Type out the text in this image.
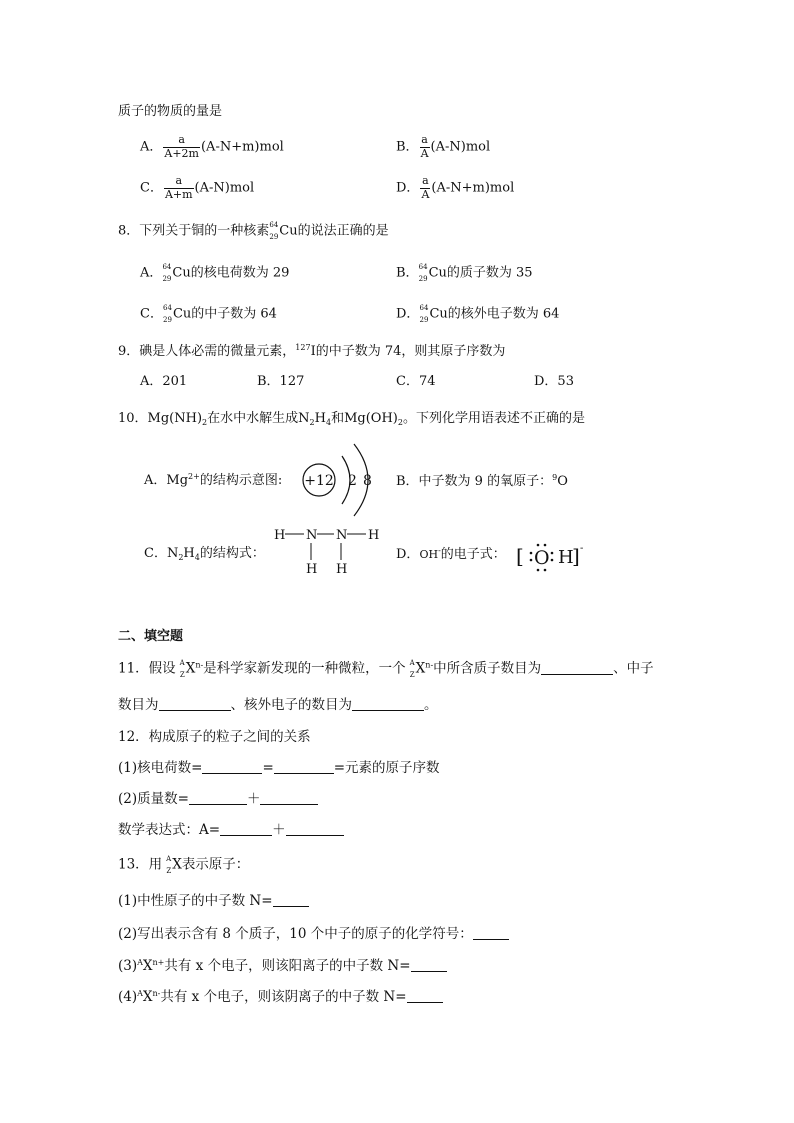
质子的物质的量是
A． $\frac{a}{A+2m} (A-N+m)mol$	B． $\frac{a}{A} (A-N)mol$
C． $\frac{a}{A+m} (A-N)mol$	D． $\frac{a}{A} (A-N+m)mol$
8．下列关于铜的一种核素 64
29 Cu的说法正确的是
A． 64
29 Cu的核电荷数为 29	B． 64
29 Cu的质子数为 35
C． 64
29 Cu的中子数为 64	D． 64
29 Cu的核外电子数为 64
9．碘是人体必需的微量元素，$^{127}$I的中子数为 74，则其原子序数为
A．201	B．127	C．74	D．53
10．$Mg(NH)_2$在水中水解生成$N_2H_4$和$Mg(OH)_2$。下列化学用语表述不正确的是
A．$Mg^{2+}$的结构示意图: +12 2 8 B．中子数为 9 的氧原子：$^9$O
C．$N_2H_4$的结构式：
H N N H
H H
D．OH-的电子式： [ O H
] -
二、填空题
11．假设 A
Z $X^{n-}$是科学家新发现的一种微粒，一个 A
Z $X^{n-}$中所含质子数目为	、中子
数目为	、核外电子的数目为	。
12．构成原子的粒子之间的关系
(1)核电荷数=	=	=元素的原子序数
(2)质量数=	＋
数学表达式：A=	＋
13．用 A
Z X表示原子：
(1)中性原子的中子数 N=
(2)写出表示含有 8 个质子，10 个中子的原子的化学符号：
$(3)^AX^{n+}$共有 x 个电子，则该阳离子的中子数 N=
$(4)^AX^{n-}$共有 x 个电子，则该阴离子的中子数 N=
